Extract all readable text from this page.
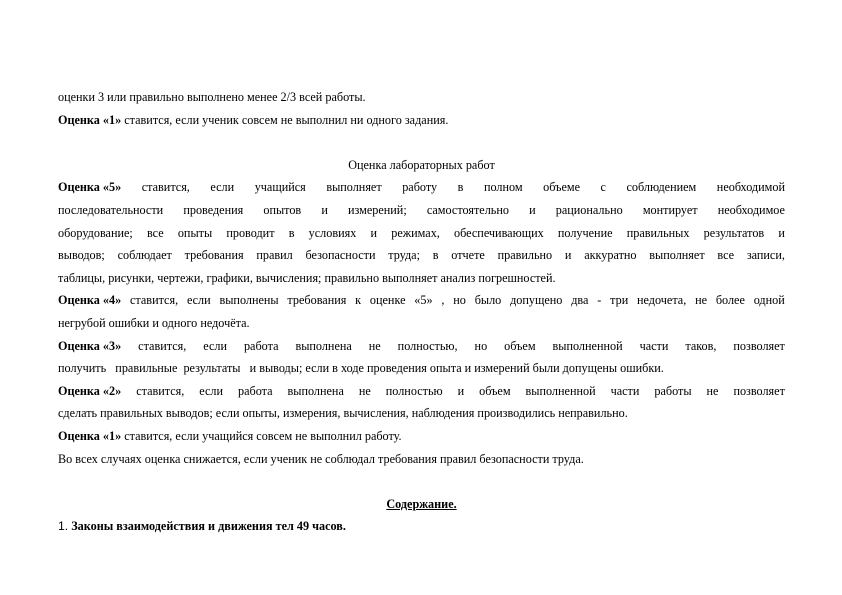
оценки 3 или правильно выполнено менее 2/3 всей работы.
Оценка «1» ставится, если ученик совсем не выполнил ни одного задания.
Оценка лабораторных работ
Оценка «5» ставится, если учащийся выполняет работу в полном объеме с соблюдением необходимой
последовательности проведения опытов и измерений; самостоятельно и рационально монтирует необходимое
оборудование; все опыты проводит в условиях и режимах, обеспечивающих получение правильных результатов и
выводов; соблюдает требования правил безопасности труда; в отчете правильно и аккуратно выполняет все записи,
таблицы, рисунки, чертежи, графики, вычисления; правильно выполняет анализ погрешностей.
Оценка «4» ставится, если выполнены требования к оценке «5» , но было допущено два - три недочета, не более одной
негрубой ошибки и одного недочёта.
Оценка «3» ставится, если работа выполнена не полностью, но объем выполненной части таков, позволяет
получить   правильные  результаты   и выводы; если в ходе проведения опыта и измерений были допущены ошибки.
Оценка «2» ставится, если работа выполнена не полностью и объем выполненной части работы не позволяет
сделать правильных выводов; если опыты, измерения, вычисления, наблюдения производились неправильно.
Оценка «1» ставится, если учащийся совсем не выполнил работу.
Во всех случаях оценка снижается, если ученик не соблюдал требования правил безопасности труда.
Содержание.
1. Законы взаимодействия и движения тел 49 часов.
